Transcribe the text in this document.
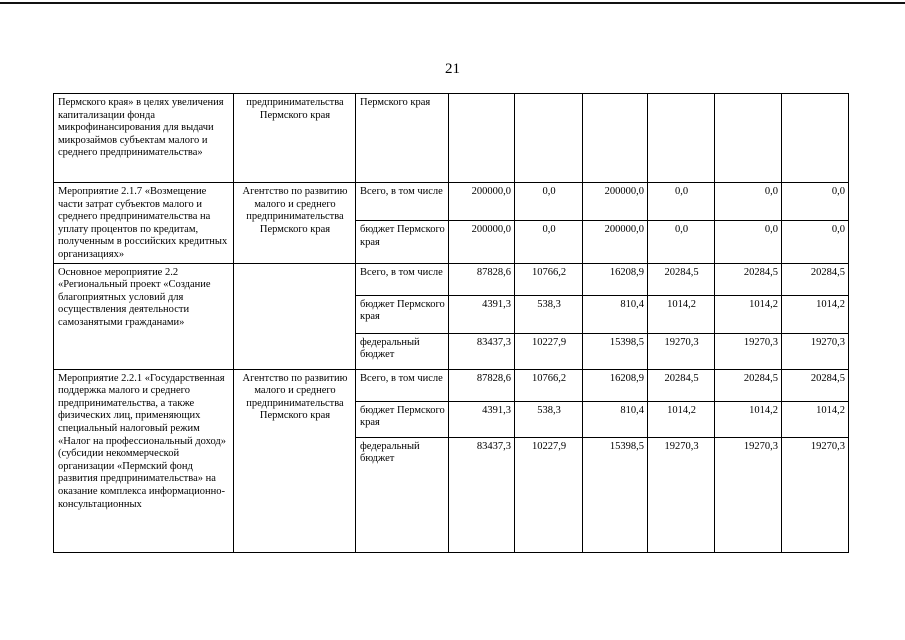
21
Пермского края» в целях увеличения капитализации фонда микрофинансирования для выдачи микрозаймов субъектам малого и среднего предпринимательства»	предпринимательства Пермского края	Пермского края						
Мероприятие 2.1.7 «Возмещение части затрат субъектов малого и среднего предпринимательства на уплату процентов по кредитам, полученным в российских кредитных организациях»	Агентство по развитию малого и среднего предпринимательства Пермского края	Всего, в том числе	200000,0	0,0	200000,0	0,0	0,0	0,0
		бюджет Пермского края	200000,0	0,0	200000,0	0,0	0,0	0,0
Основное мероприятие 2.2 «Региональный проект «Создание благоприятных условий для осуществления деятельности самозанятыми гражданами»		Всего, в том числе	87828,6	10766,2	16208,9	20284,5	20284,5	20284,5
		бюджет Пермского края	4391,3	538,3	810,4	1014,2	1014,2	1014,2
		федеральный бюджет	83437,3	10227,9	15398,5	19270,3	19270,3	19270,3
Мероприятие 2.2.1 «Государственная поддержка малого и среднего предпринимательства, а также физических лиц, применяющих специальный налоговый режим «Налог на профессиональный доход» (субсидии некоммерческой организации «Пермский фонд развития предпринимательства» на оказание комплекса информационно-консультационных	Агентство по развитию малого и среднего предпринимательства Пермского края	Всего, в том числе	87828,6	10766,2	16208,9	20284,5	20284,5	20284,5
		бюджет Пермского края	4391,3	538,3	810,4	1014,2	1014,2	1014,2
		федеральный бюджет	83437,3	10227,9	15398,5	19270,3	19270,3	19270,3
